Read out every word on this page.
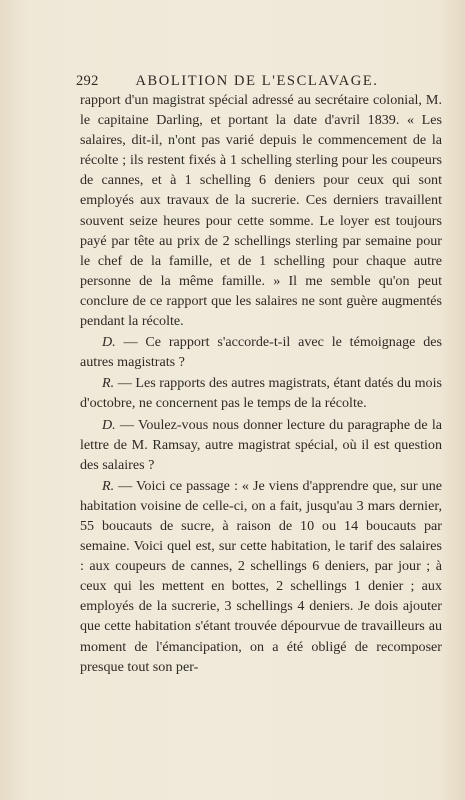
292	ABOLITION DE L'ESCLAVAGE.

rapport d'un magistrat spécial adressé au secrétaire colonial, M. le capitaine Darling, et portant la date d'avril 1839. « Les salaires, dit-il, n'ont pas varié depuis le commencement de la récolte ; ils restent fixés à 1 schelling sterling pour les coupeurs de cannes, et à 1 schelling 6 deniers pour ceux qui sont employés aux travaux de la sucrerie. Ces derniers travaillent souvent seize heures pour cette somme. Le loyer est toujours payé par tête au prix de 2 schellings sterling par semaine pour le chef de la famille, et de 1 schelling pour chaque autre personne de la même famille. » Il me semble qu'on peut conclure de ce rapport que les salaires ne sont guère augmentés pendant la récolte.

D. — Ce rapport s'accorde-t-il avec le témoignage des autres magistrats ?

R. — Les rapports des autres magistrats, étant datés du mois d'octobre, ne concernent pas le temps de la récolte.

D. — Voulez-vous nous donner lecture du paragraphe de la lettre de M. Ramsay, autre magistrat spécial, où il est question des salaires ?

R. — Voici ce passage : « Je viens d'apprendre que, sur une habitation voisine de celle-ci, on a fait, jusqu'au 3 mars dernier, 55 boucauts de sucre, à raison de 10 ou 14 boucauts par semaine. Voici quel est, sur cette habitation, le tarif des salaires : aux coupeurs de cannes, 2 schellings 6 deniers, par jour ; à ceux qui les mettent en bottes, 2 schellings 1 denier ; aux employés de la sucrerie, 3 schellings 4 deniers. Je dois ajouter que cette habitation s'étant trouvée dépourvue de travailleurs au moment de l'émancipation, on a été obligé de recomposer presque tout son per-
